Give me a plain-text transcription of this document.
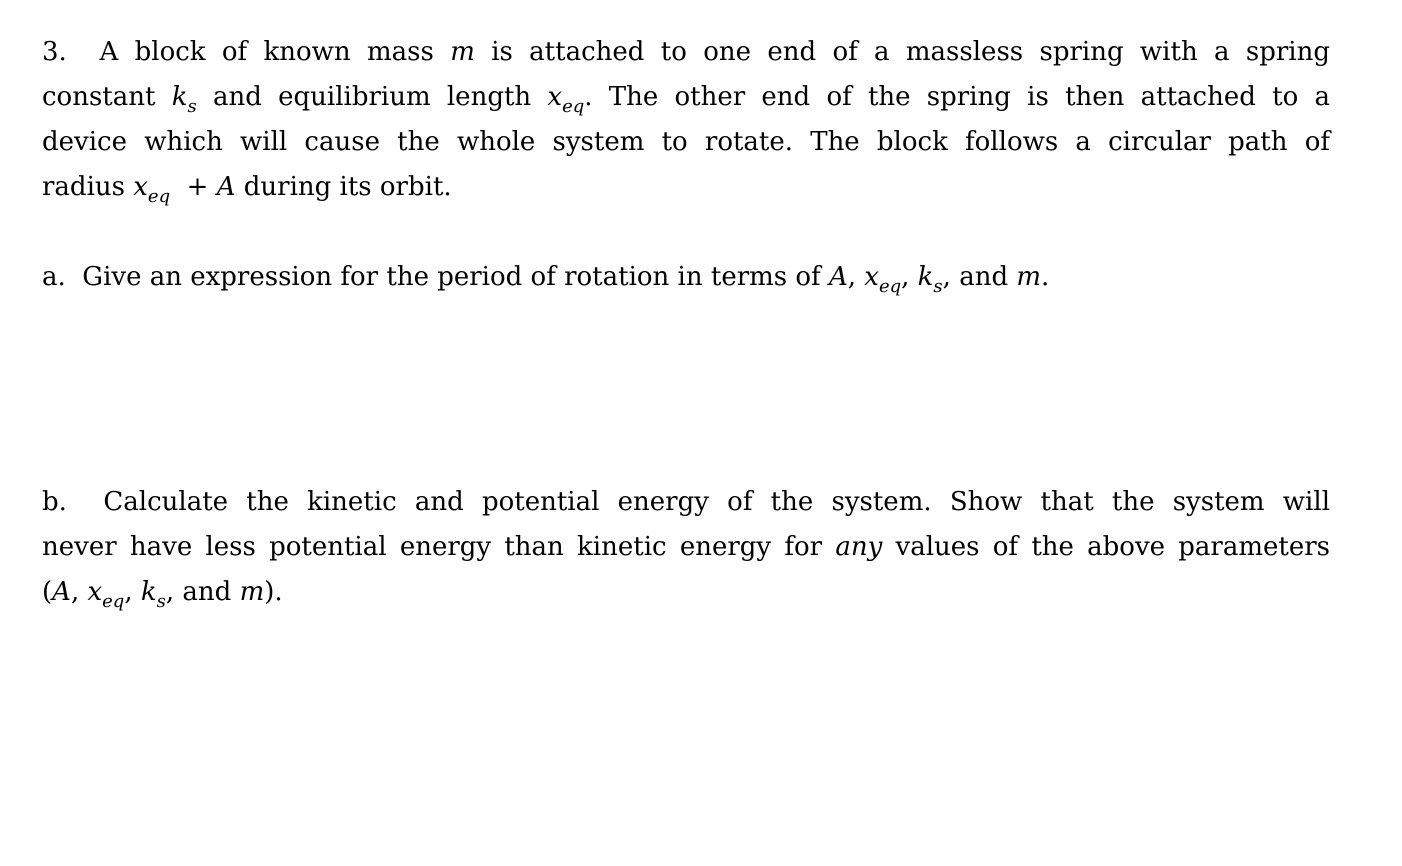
3. A block of known mass m is attached to one end of a massless spring with a spring
constant $k_s$ and equilibrium length $x_{eq}$. The other end of the spring is then attached to a
device which will cause the whole system to rotate. The block follows a circular path of
radius $x_{eq} + A$ during its orbit.
a. Give an expression for the period of rotation in terms of A, $x_{eq}$, $k_s$, and m.
b. Calculate the kinetic and potential energy of the system. Show that the system will
never have less potential energy than kinetic energy for any values of the above parameters
(A, $x_{eq}$, $k_s$, and m).
